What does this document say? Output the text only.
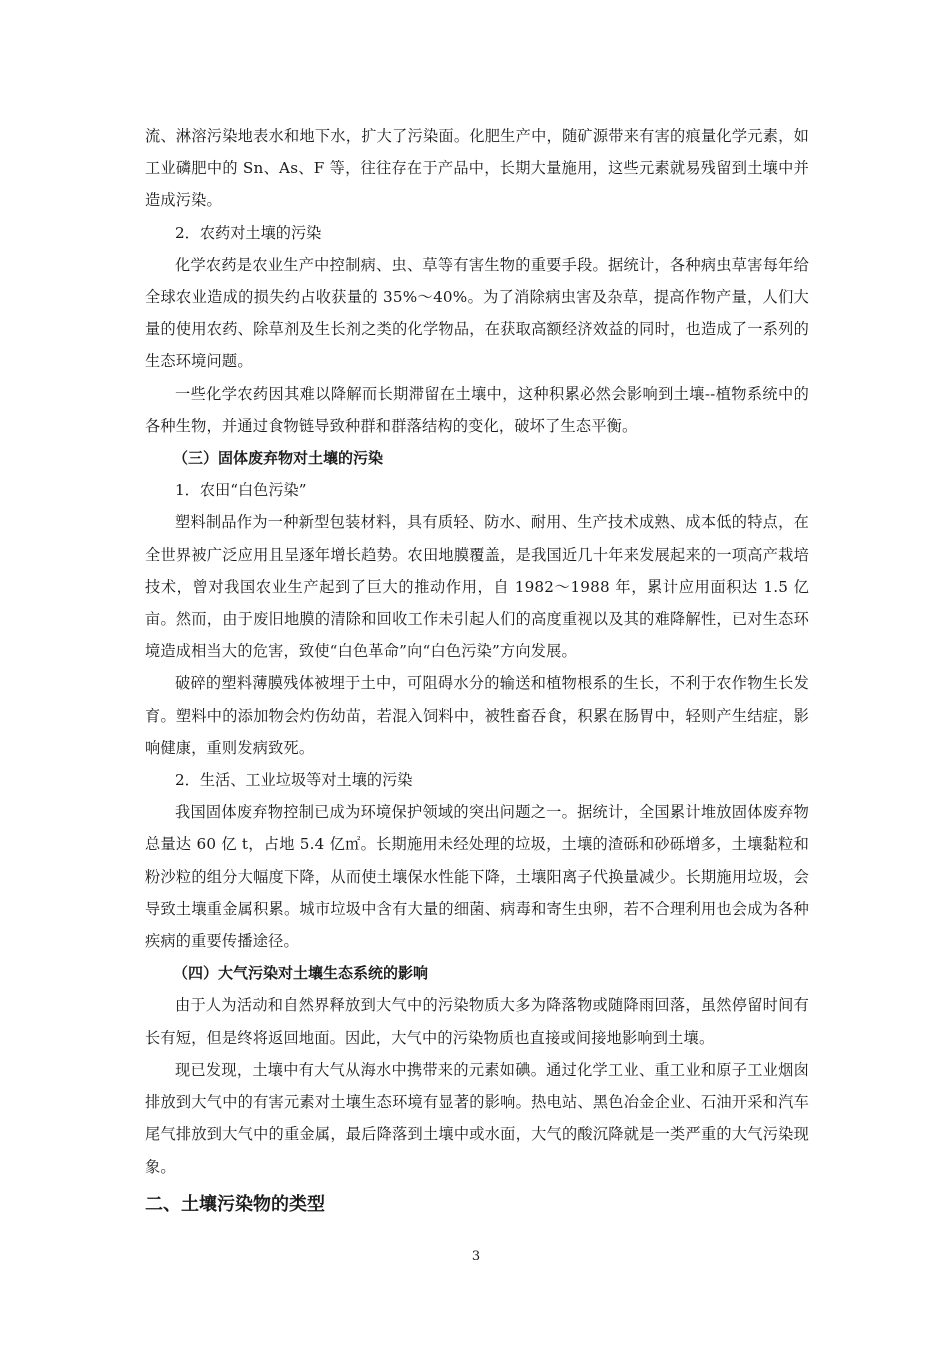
流、淋溶污染地表水和地下水，扩大了污染面。化肥生产中，随矿源带来有害的痕量化学元素，如工业磷肥中的 Sn、As、F 等，往往存在于产品中，长期大量施用，这些元素就易残留到土壤中并造成污染。

2．农药对土壤的污染

化学农药是农业生产中控制病、虫、草等有害生物的重要手段。据统计，各种病虫草害每年给全球农业造成的损失约占收获量的 35%～40%。为了消除病虫害及杂草，提高作物产量，人们大量的使用农药、除草剂及生长剂之类的化学物品，在获取高额经济效益的同时，也造成了一系列的生态环境问题。

一些化学农药因其难以降解而长期滞留在土壤中，这种积累必然会影响到土壤--植物系统中的各种生物，并通过食物链导致种群和群落结构的变化，破坏了生态平衡。

（三）固体废弃物对土壤的污染

1．农田“白色污染”

塑料制品作为一种新型包装材料，具有质轻、防水、耐用、生产技术成熟、成本低的特点，在全世界被广泛应用且呈逐年增长趋势。农田地膜覆盖，是我国近几十年来发展起来的一项高产栽培技术，曾对我国农业生产起到了巨大的推动作用，自 1982～1988 年，累计应用面积达 1.5 亿亩。然而，由于废旧地膜的清除和回收工作未引起人们的高度重视以及其的难降解性，已对生态环境造成相当大的危害，致使“白色革命”向“白色污染”方向发展。

破碎的塑料薄膜残体被埋于土中，可阻碍水分的输送和植物根系的生长，不利于农作物生长发育。塑料中的添加物会灼伤幼苗，若混入饲料中，被牲畜吞食，积累在肠胃中，轻则产生结症，影响健康，重则发病致死。

2．生活、工业垃圾等对土壤的污染

我国固体废弃物控制已成为环境保护领域的突出问题之一。据统计，全国累计堆放固体废弃物总量达 60 亿 t，占地 5.4 亿㎡。长期施用未经处理的垃圾，土壤的渣砾和砂砾增多，土壤黏粒和粉沙粒的组分大幅度下降，从而使土壤保水性能下降，土壤阳离子代换量减少。长期施用垃圾，会导致土壤重金属积累。城市垃圾中含有大量的细菌、病毒和寄生虫卵，若不合理利用也会成为各种疾病的重要传播途径。

（四）大气污染对土壤生态系统的影响

由于人为活动和自然界释放到大气中的污染物质大多为降落物或随降雨回落，虽然停留时间有长有短，但是终将返回地面。因此，大气中的污染物质也直接或间接地影响到土壤。

现已发现，土壤中有大气从海水中携带来的元素如碘。通过化学工业、重工业和原子工业烟囱排放到大气中的有害元素对土壤生态环境有显著的影响。热电站、黑色冶金企业、石油开采和汽车尾气排放到大气中的重金属，最后降落到土壤中或水面，大气的酸沉降就是一类严重的大气污染现象。

二、土壤污染物的类型

3
